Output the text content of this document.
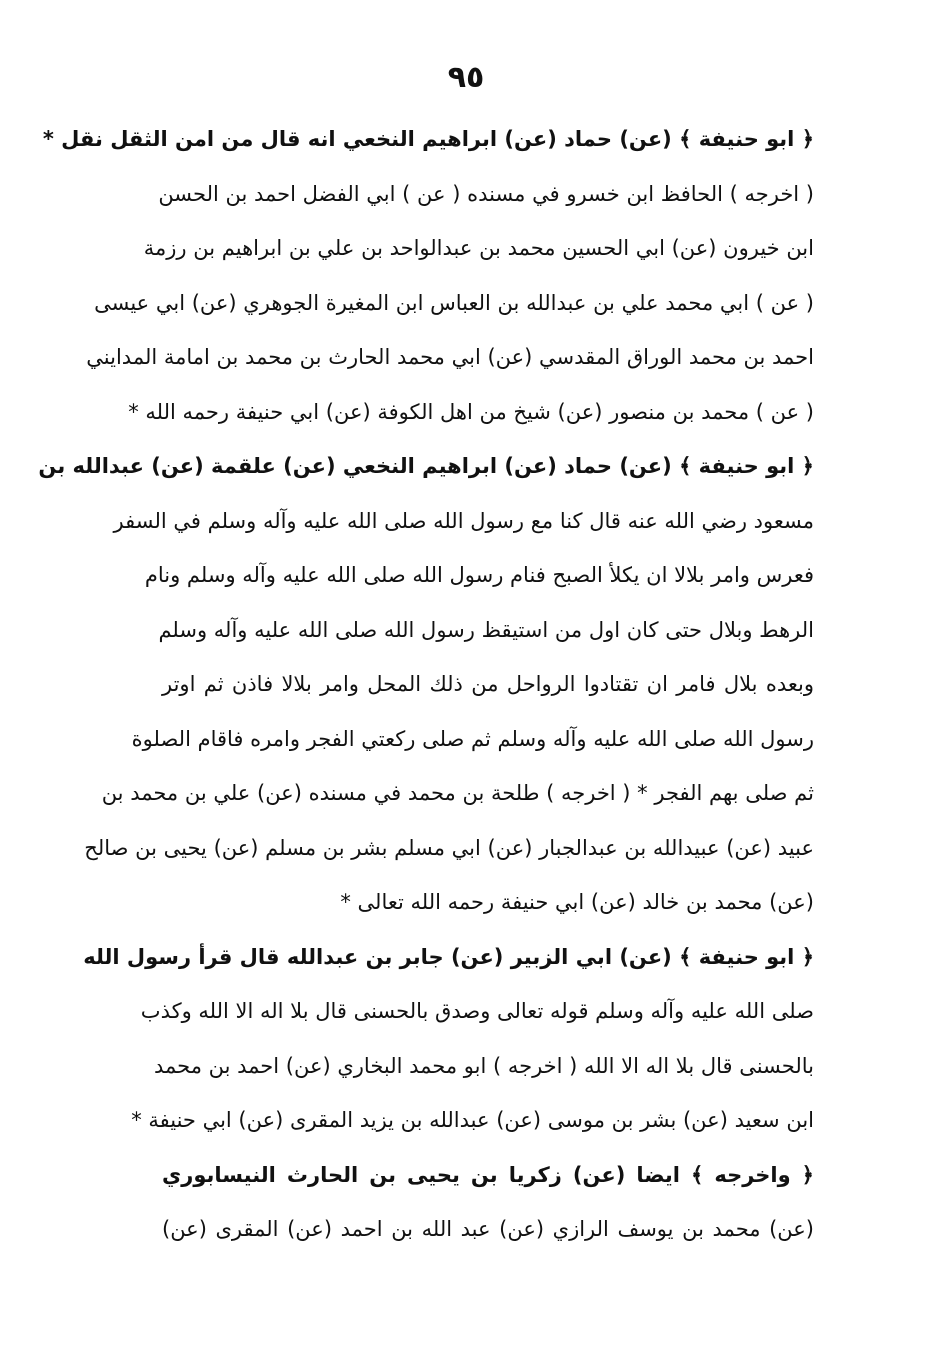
٩٥
﴿ ابو حنيفة ﴾ (عن) حماد (عن) ابراهيم النخعي انه قال من امن الثقل نقل *
( اخرجه ) الحافظ ابن خسرو في مسنده ( عن ) ابي الفضل احمد بن الحسن
ابن خيرون (عن) ابي الحسين محمد بن عبدالواحد بن علي بن ابراهيم بن رزمة
( عن ) ابي محمد علي بن عبدالله بن العباس ابن المغيرة الجوهري (عن) ابي عيسى
احمد بن محمد الوراق المقدسي (عن) ابي محمد الحارث بن محمد بن امامة المدايني
( عن ) محمد بن منصور (عن) شيخ من اهل الكوفة (عن) ابي حنيفة رحمه الله *
﴿ ابو حنيفة ﴾ (عن) حماد (عن) ابراهيم النخعي (عن) علقمة (عن) عبدالله بن
مسعود رضي الله عنه قال كنا مع رسول الله صلى الله عليه وآله وسلم في السفر
فعرس وامر بلالا ان يكلأ الصبح فنام رسول الله صلى الله عليه وآله وسلم ونام
الرهط وبلال حتى كان اول من استيقظ رسول الله صلى الله عليه وآله وسلم
وبعده بلال فامر ان تقتادوا الرواحل من ذلك المحل وامر بلالا فاذن ثم اوتر
رسول الله صلى الله عليه وآله وسلم ثم صلى ركعتي الفجر وامره فاقام الصلوة
ثم صلى بهم الفجر * ( اخرجه ) طلحة بن محمد في مسنده (عن) علي بن محمد بن
عبيد (عن) عبيدالله بن عبدالجبار (عن) ابي مسلم بشر بن مسلم (عن) يحيى بن صالح
(عن) محمد بن خالد (عن) ابي حنيفة رحمه الله تعالى *
﴿ ابو حنيفة ﴾ (عن) ابي الزبير (عن) جابر بن عبدالله قال قرأ رسول الله
صلى الله عليه وآله وسلم قوله تعالى وصدق بالحسنى قال بلا اله الا الله وكذب
بالحسنى قال بلا اله الا الله ( اخرجه ) ابو محمد البخاري (عن) احمد بن محمد
ابن سعيد (عن) بشر بن موسى (عن) عبدالله بن يزيد المقرى (عن) ابي حنيفة *
﴿ واخرجه ﴾ ايضا (عن) زكريا بن يحيى بن الحارث النيسابوري
(عن) محمد بن يوسف الرازي (عن) عبد الله بن احمد (عن) المقرى (عن)
